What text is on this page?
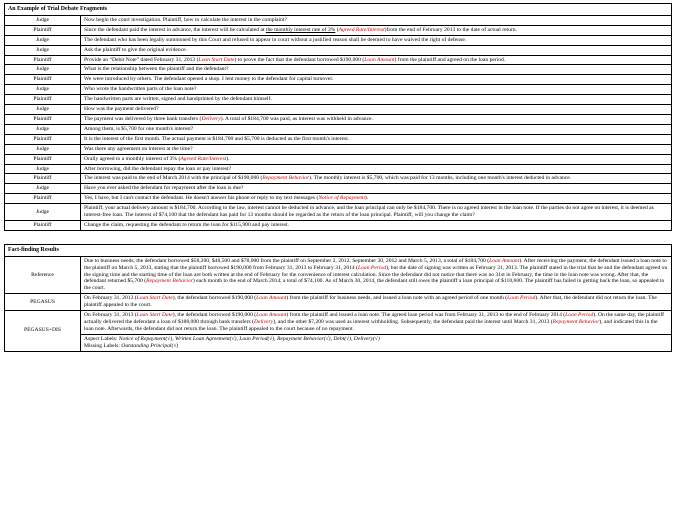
An Example of Trial Debate Fragments	
Judge	Now begin the court investigation. Plaintiff, how to calculate the interest in the complaint?
Plaintiff	Since the defendant paid the interest in advance, the interest will be calculated at the monthly interest rate of 3% (Agreed Rate/Interest)from the end of February 2013 to the date of actual return.
Judge	The defendant who has been legally summoned by this Court and refused to appear in court without a justified reason shall be deemed to have waived the right of defense.
Judge	Ask the plaintiff to give the original evidence.
Plaintiff	Provide an “Debit Note” dated February 31, 2013 (Loan Start Date) to prove the fact that the defendant borrowed $190,000 (Loan Amount) from the plaintiff and agreed on the loan period.
Judge	What is the relationship between the plaintiff and the defendant?
Plaintiff	We were introduced by others. The defendant opened a shop. I lent money to the defendant for capital turnover.
Judge	Who wrote the handwritten parts of the loan note?
Plaintiff	The handwritten parts are written, signed and handprinted by the defendant himself.
Judge	How was the payment delivered?
Plaintiff	The payment was delivered by three bank transfers (Delivery). A total of $184,700 was paid, as interest was withheld in advance.
Judge	Among them, is $5,700 for one month's interest?
Plaintiff	It is the interest of the first month. The actual payment is $184,700 and $5,700 is deducted as the first month's interest.
Judge	Was there any agreement on interest at the time?
Plaintiff	Orally agreed to a monthly interest of 3% (Agreed Rate/Interest).
Judge	After borrowing, did the defendant repay the loan or pay interest?
Plaintiff	The interest was paid to the end of March 2014 with the principal of $190,000 (Repayment Behavior). The monthly interest is $5,700, which was paid for 13 months, including one month's interest deducted in advance.
Judge	Have you ever asked the defendant for repayment after the loan is due?
Plaintiff	Yes, I have, but I can't contact the defendant. He doesn't answer his phone or reply to my text messages (Notice of Repayment).
Judge	Plaintiff, your actual delivery amount is $184,700. According to the law, interest cannot be deducted in advance, and the loan principal can only be $184,700. There is no agreed interest in the loan note. If the parties do not agree on interest, it is deemed as interest-free loan. The interest of $74,100 that the defendant has paid for 13 months should be regarded as the return of the loan principal. Plaintiff, will you change the claim?
Plaintiff	Change the claim, requesting the defendant to return the loan for $115,900 and pay interest.
Fact-finding Results	
Reference	Due to business needs, the defendant borrowed $58,200, $48,500 and $78,000 from the plaintiff on September 2, 2012, September 30, 2012 and March 5, 2013, a total of $184,700 (Loan Amount). After receiving the payment, the defendant issued a loan note to the plaintiff on March 5, 2013, stating that the plaintiff borrowed $190,000 from February 31, 2013 to February 31, 2014 (Loan Period), but the date of signing was written as February 31, 2013. The plaintiff stated in the trial that he and the defendant agreed on the signing time and the starting time of the loan are both written at the end of February for the convenience of interest calculation. Since the defendant did not notice that there was no 31st in February, the time in the loan note was wrong. After that, the defendant returned $5,700 (Repayment Behavior) each month to the end of March 2014, a total of $74,100. As of March 30, 2014, the defendant still owes the plaintiff a loan principal of $110,600. The plaintiff has failed in getting back the loan, so appealed to the court.
PEGASUS	On February 31, 2013 (Loan Start Date), the defendant borrowed $190,000 (Loan Amount) from the plaintiff for business needs, and issued a loan note with an agreed period of one month (Loan Period). After that, the defendant did not return the loan. The plaintiff appealed to the court.
PEGASUS+DIS	On February 31, 2013 (Loan Start Date), the defendant borrowed $190,000 (Loan Amount) from the plaintiff and issued a loan note. The agreed loan period was from February 31, 2013 to the end of February 2014 (Loan Period). On the same day, the plaintiff actually delivered the defendant a loan of $188,000 through bank transfers (Delivery), and the other $7,200 was used as interest withholding. Subsequently, the defendant paid the interest until March 31, 2013 (Repayment Behavior), and indicated this in the loan note. Afterwards, the defendant did not return the loan. The plaintiff appealed to the court because of no repayment.

	Aspect Labels: Notice of Repayment(√), Written Loan Agreement(√), Loan Period(√), Repayment Behavior(√), Debt(√), Delivery(√)
Missing Labels: Outstanding Principal(√)
